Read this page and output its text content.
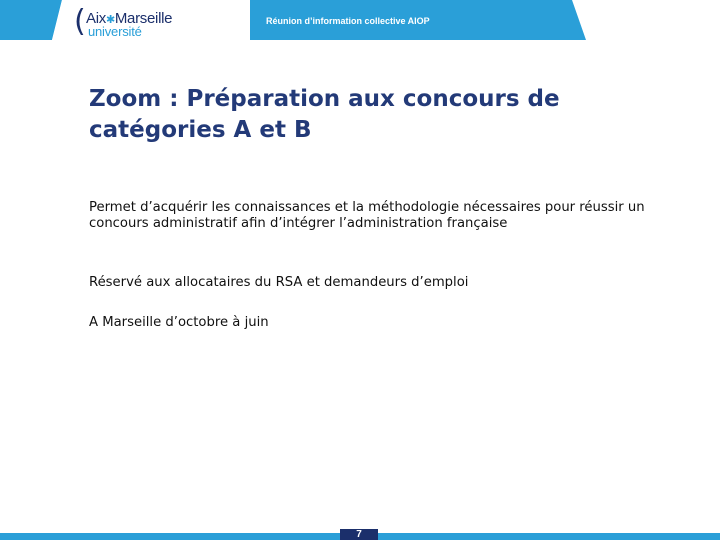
( Aix✱Marseille
université
Réunion d’information collective AIOP
Zoom : Préparation aux concours de catégories A et B

Permet d’acquérir les connaissances et la méthodologie nécessaires pour réussir un concours administratif afin d’intégrer l’administration française

Réservé aux allocataires du RSA et demandeurs d’emploi

A Marseille d’octobre à juin

7
